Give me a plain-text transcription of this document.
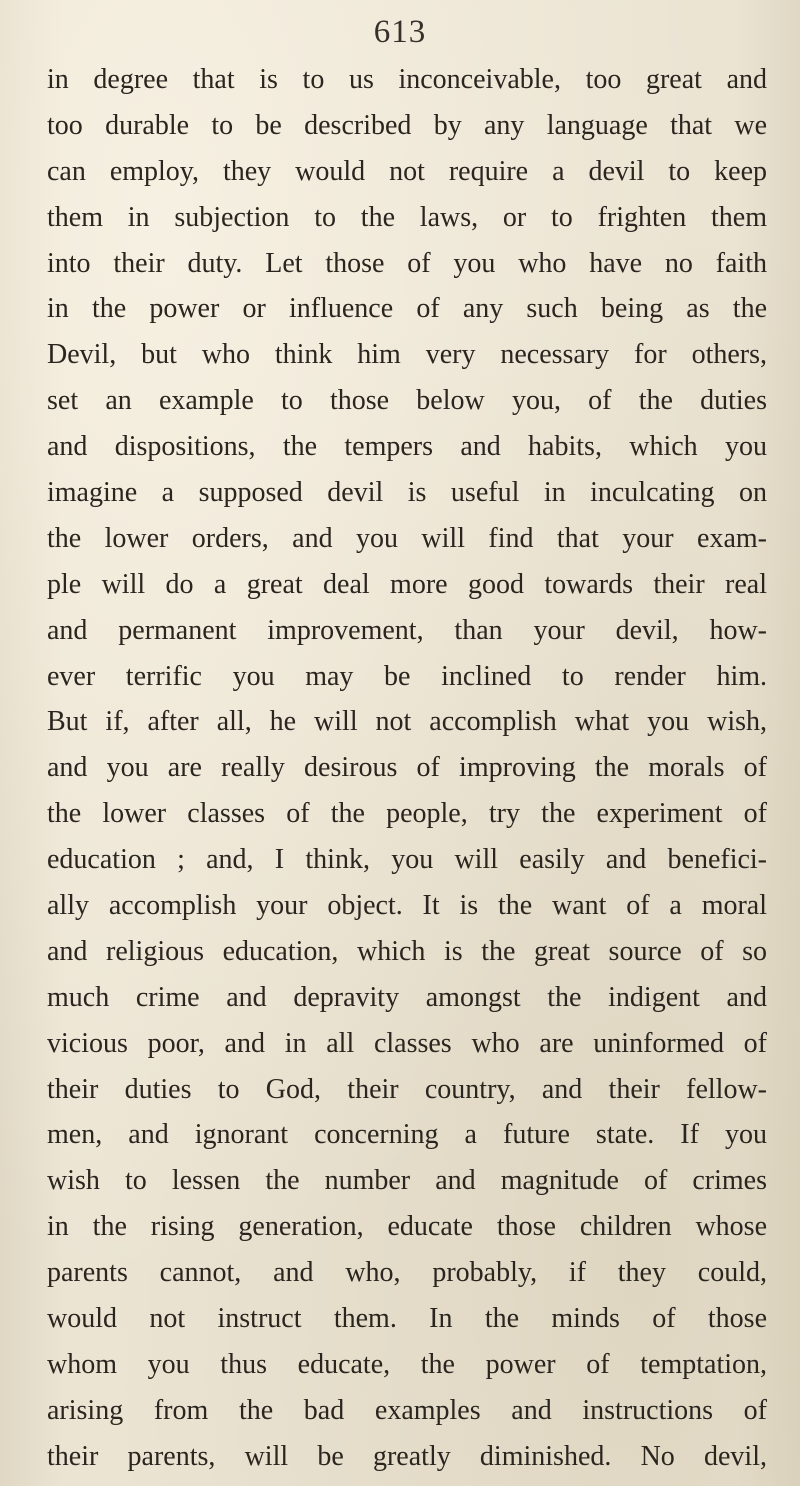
613
in degree that is to us inconceivable, too great and
too durable to be described by any language that we
can employ, they would not require a devil to keep
them in subjection to the laws, or to frighten them
into their duty. Let those of you who have no faith
in the power or influence of any such being as the
Devil, but who think him very necessary for others,
set an example to those below you, of the duties
and dispositions, the tempers and habits, which you
imagine a supposed devil is useful in inculcating on
the lower orders, and you will find that your exam-
ple will do a great deal more good towards their real
and permanent improvement, than your devil, how-
ever terrific you may be inclined to render him.
But if, after all, he will not accomplish what you wish,
and you are really desirous of improving the morals of
the lower classes of the people, try the experiment of
education ; and, I think, you will easily and benefici-
ally accomplish your object. It is the want of a moral
and religious education, which is the great source of so
much crime and depravity amongst the indigent and
vicious poor, and in all classes who are uninformed of
their duties to God, their country, and their fellow-
men, and ignorant concerning a future state. If you
wish to lessen the number and magnitude of crimes
in the rising generation, educate those children whose
parents cannot, and who, probably, if they could,
would not instruct them. In the minds of those
whom you thus educate, the power of temptation,
arising from the bad examples and instructions of
their parents, will be greatly diminished. No devil,
